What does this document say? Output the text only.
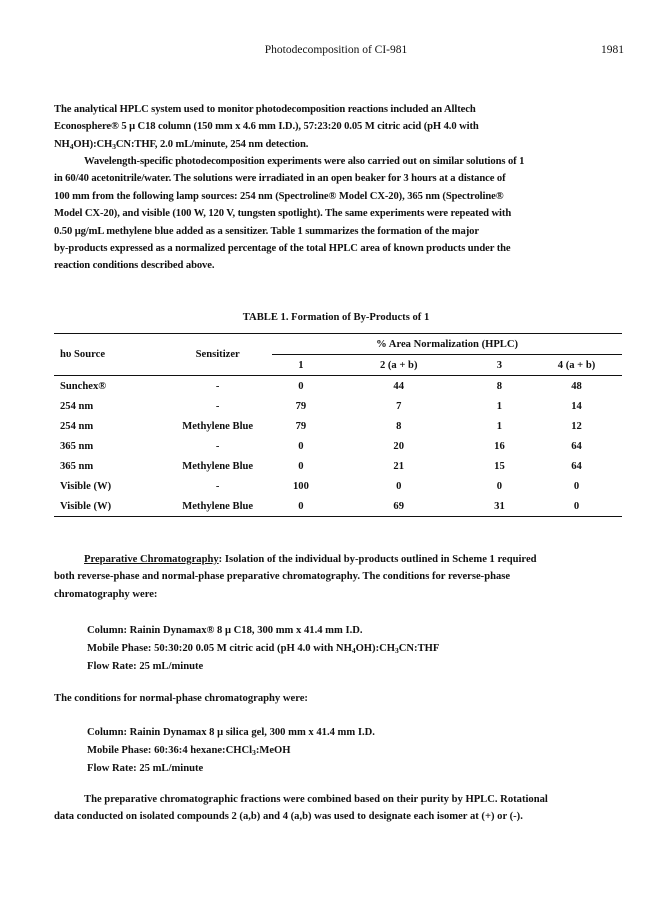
Photodecomposition of CI-981	1981

The analytical HPLC system used to monitor photodecomposition reactions included an Alltech

Econosphere® 5 μ C18 column (150 mm x 4.6 mm I.D.), 57:23:20 0.05 M citric acid (pH 4.0 with

$NH_4OH):CH_3CN:THF$, 2.0 mL/minute, 254 nm detection.

Wavelength-specific photodecomposition experiments were also carried out on similar solutions of 1

in 60/40 acetonitrile/water. The solutions were irradiated in an open beaker for 3 hours at a distance of

100 mm from the following lamp sources: 254 nm (Spectroline® Model CX-20), 365 nm (Spectroline®

Model CX-20), and visible (100 W, 120 V, tungsten spotlight). The same experiments were repeated with

0.50 μg/mL methylene blue added as a sensitizer. Table 1 summarizes the formation of the major

by-products expressed as a normalized percentage of the total HPLC area of known products under the

reaction conditions described above.

TABLE 1. Formation of By-Products of 1
hυ Source	Sensitizer	% Area Normalization (HPLC)			
		1	2 (a + b)	3	4 (a + b)
Sunchex®	-	0	44	8	48
254 nm	-	79	7	1	14
254 nm	Methylene Blue	79	8	1	12
365 nm	-	0	20	16	64
365 nm	Methylene Blue	0	21	15	64
Visible (W)	-	100	0	0	0
Visible (W)	Methylene Blue	0	69	31	0

Preparative Chromatography: Isolation of the individual by-products outlined in Scheme 1 required

both reverse-phase and normal-phase preparative chromatography. The conditions for reverse-phase

chromatography were:

Column: Rainin Dynamax® 8 μ C18, 300 mm x 41.4 mm I.D.
Mobile Phase: 50:30:20 0.05 M citric acid (pH 4.0 with $NH_4OH):CH_3CN:THF$
Flow Rate: 25 mL/minute
The conditions for normal-phase chromatography were:
Column: Rainin Dynamax 8 μ silica gel, 300 mm x 41.4 mm I.D.
Mobile Phase: 60:36:4 hexane:CHCl$_3$:MeOH
Flow Rate: 25 mL/minute

The preparative chromatographic fractions were combined based on their purity by HPLC. Rotational

data conducted on isolated compounds 2 (a,b) and 4 (a,b) was used to designate each isomer at (+) or (-).
